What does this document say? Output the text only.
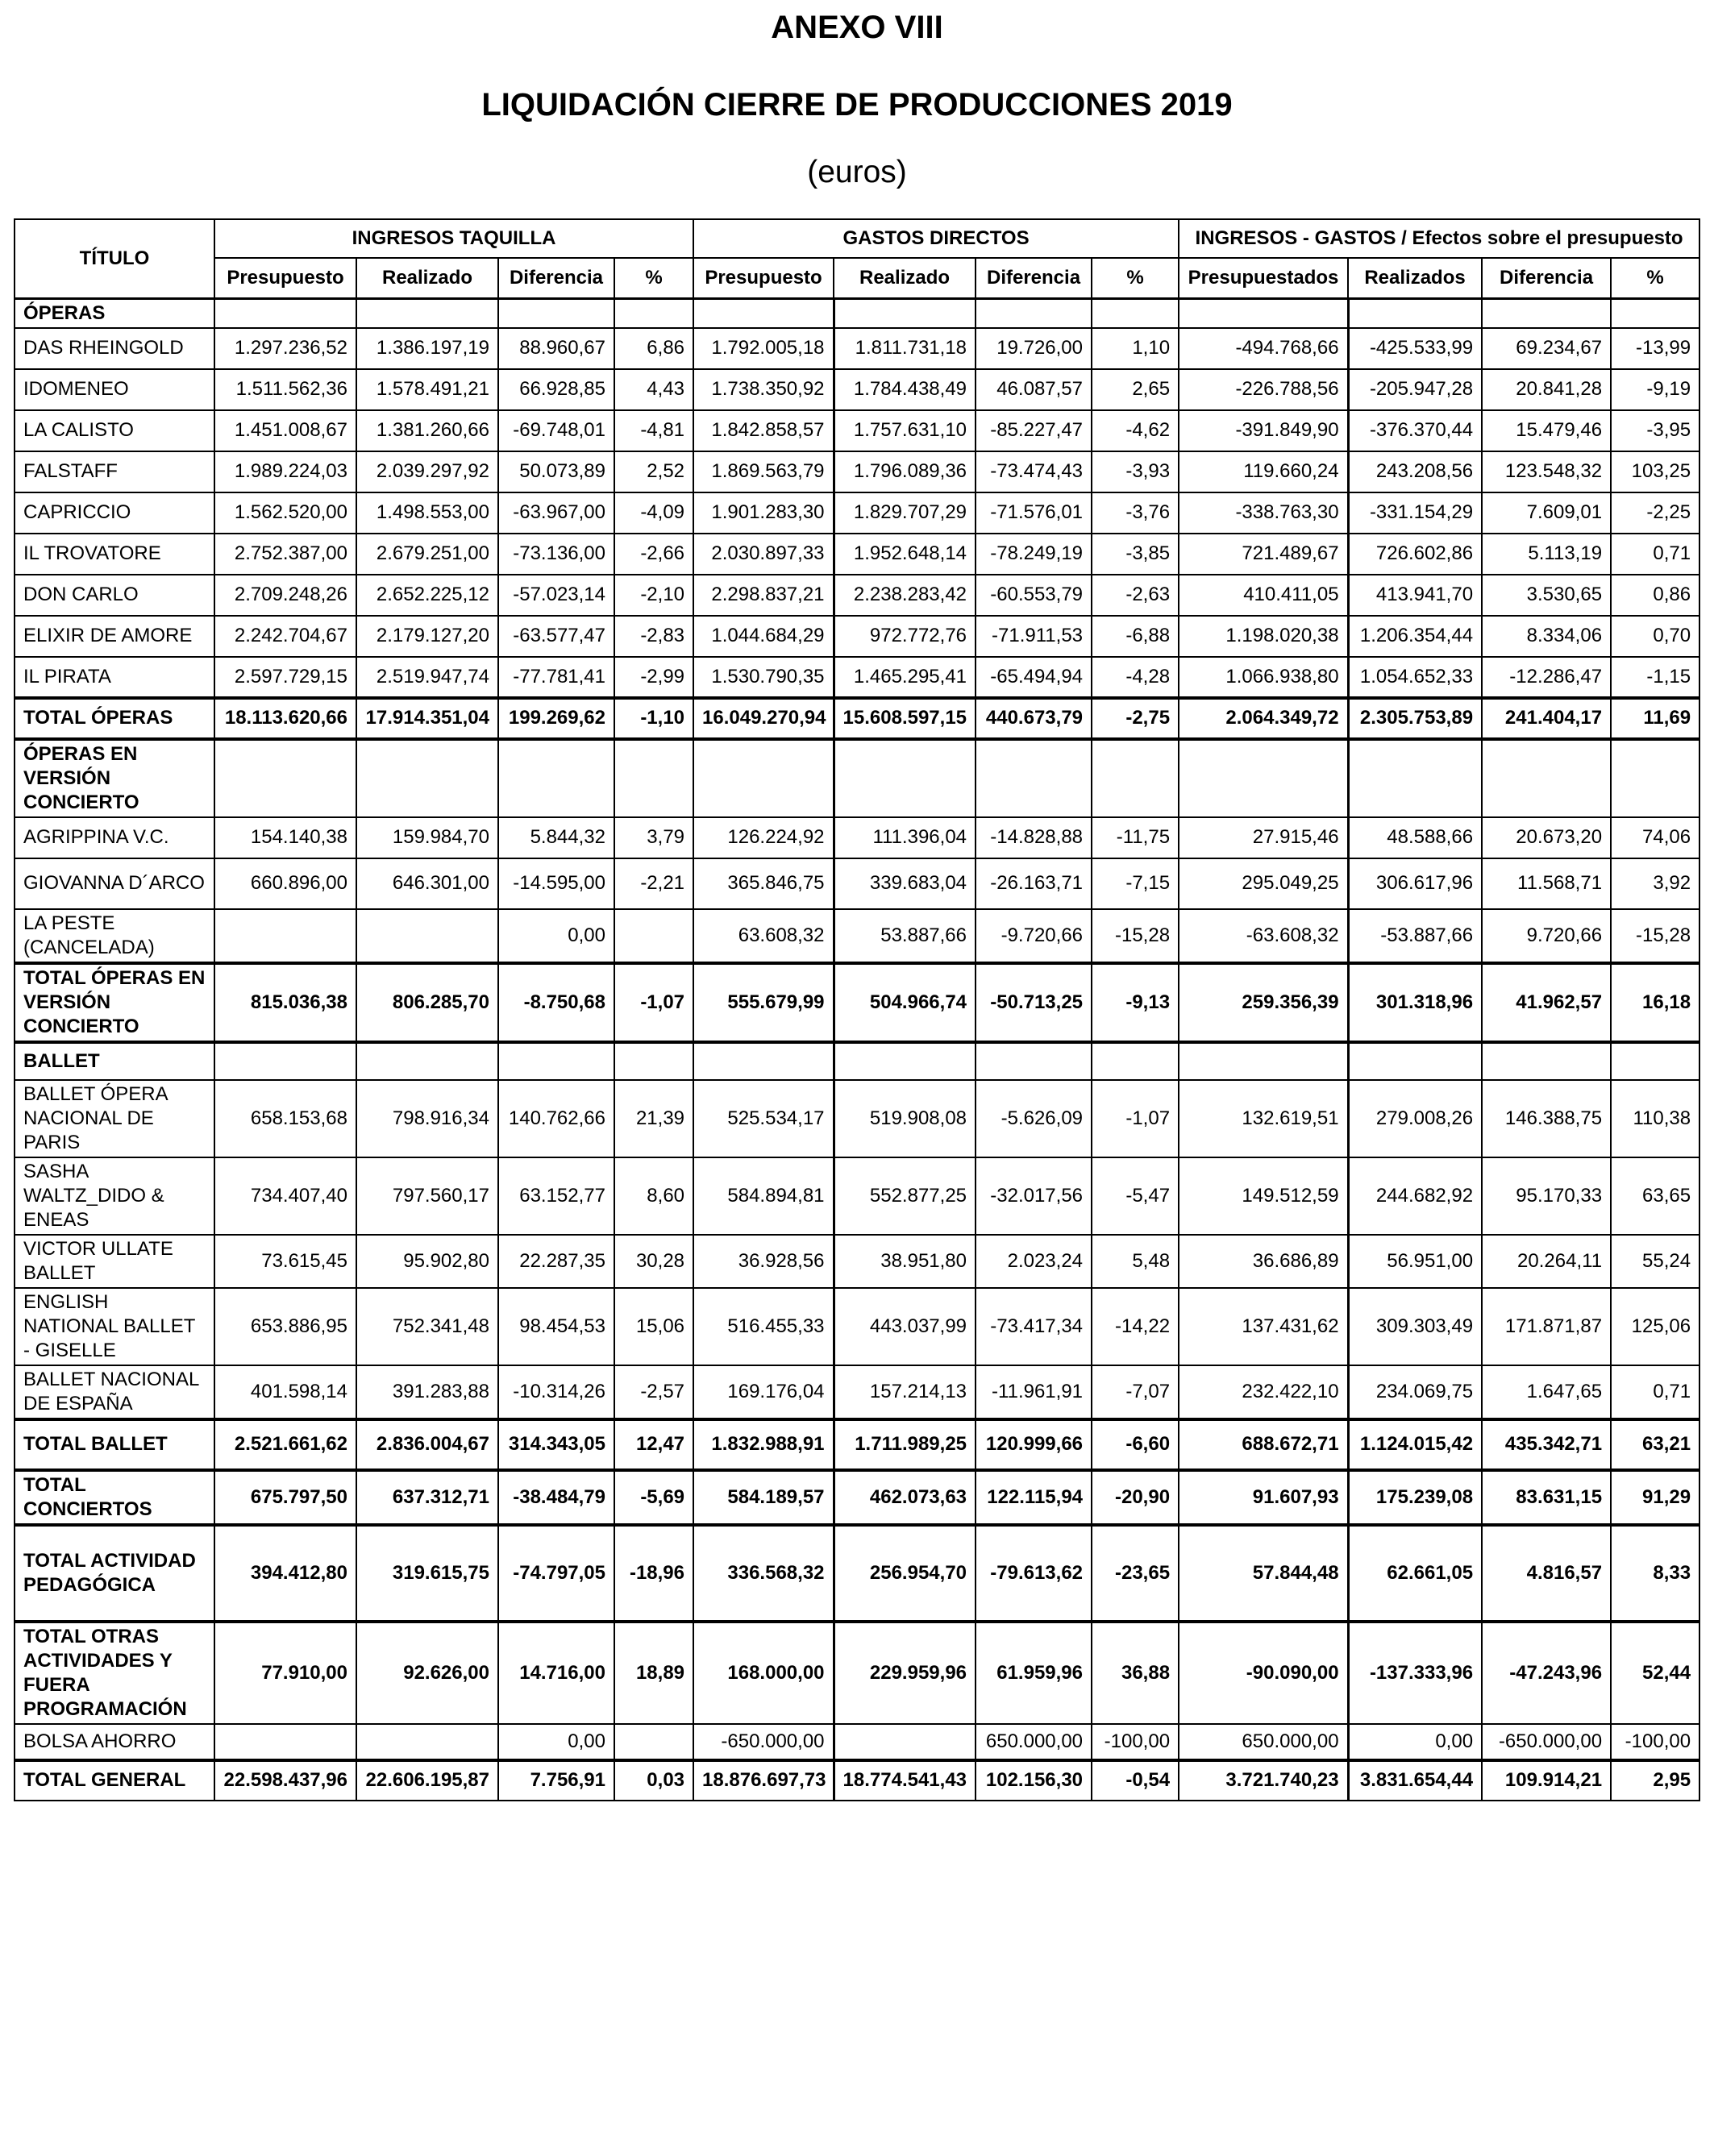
ANEXO VIII
LIQUIDACIÓN CIERRE DE PRODUCCIONES 2019
(euros)
TÍTULO	INGRESOS TAQUILLA				GASTOS DIRECTOS				INGRESOS - GASTOS / Efectos sobre el presupuesto			
	Presupuesto	Realizado	Diferencia	%	Presupuesto	Realizado	Diferencia	%	Presupuestados	Realizados	Diferencia	%
ÓPERAS												
DAS RHEINGOLD	1.297.236,52	1.386.197,19	88.960,67	6,86	1.792.005,18	1.811.731,18	19.726,00	1,10	-494.768,66	-425.533,99	69.234,67	-13,99
IDOMENEO	1.511.562,36	1.578.491,21	66.928,85	4,43	1.738.350,92	1.784.438,49	46.087,57	2,65	-226.788,56	-205.947,28	20.841,28	-9,19
LA CALISTO	1.451.008,67	1.381.260,66	-69.748,01	-4,81	1.842.858,57	1.757.631,10	-85.227,47	-4,62	-391.849,90	-376.370,44	15.479,46	-3,95
FALSTAFF	1.989.224,03	2.039.297,92	50.073,89	2,52	1.869.563,79	1.796.089,36	-73.474,43	-3,93	119.660,24	243.208,56	123.548,32	103,25
CAPRICCIO	1.562.520,00	1.498.553,00	-63.967,00	-4,09	1.901.283,30	1.829.707,29	-71.576,01	-3,76	-338.763,30	-331.154,29	7.609,01	-2,25
IL TROVATORE	2.752.387,00	2.679.251,00	-73.136,00	-2,66	2.030.897,33	1.952.648,14	-78.249,19	-3,85	721.489,67	726.602,86	5.113,19	0,71
DON CARLO	2.709.248,26	2.652.225,12	-57.023,14	-2,10	2.298.837,21	2.238.283,42	-60.553,79	-2,63	410.411,05	413.941,70	3.530,65	0,86
ELIXIR DE AMORE	2.242.704,67	2.179.127,20	-63.577,47	-2,83	1.044.684,29	972.772,76	-71.911,53	-6,88	1.198.020,38	1.206.354,44	8.334,06	0,70
IL PIRATA	2.597.729,15	2.519.947,74	-77.781,41	-2,99	1.530.790,35	1.465.295,41	-65.494,94	-4,28	1.066.938,80	1.054.652,33	-12.286,47	-1,15
TOTAL ÓPERAS	18.113.620,66	17.914.351,04	199.269,62	-1,10	16.049.270,94	15.608.597,15	440.673,79	-2,75	2.064.349,72	2.305.753,89	241.404,17	11,69
ÓPERAS EN VERSIÓN CONCIERTO												
AGRIPPINA V.C.	154.140,38	159.984,70	5.844,32	3,79	126.224,92	111.396,04	-14.828,88	-11,75	27.915,46	48.588,66	20.673,20	74,06
GIOVANNA D´ARCO	660.896,00	646.301,00	-14.595,00	-2,21	365.846,75	339.683,04	-26.163,71	-7,15	295.049,25	306.617,96	11.568,71	3,92
LA PESTE (CANCELADA)			0,00		63.608,32	53.887,66	-9.720,66	-15,28	-63.608,32	-53.887,66	9.720,66	-15,28
TOTAL ÓPERAS EN VERSIÓN CONCIERTO	815.036,38	806.285,70	-8.750,68	-1,07	555.679,99	504.966,74	-50.713,25	-9,13	259.356,39	301.318,96	41.962,57	16,18
BALLET												
BALLET ÓPERA NACIONAL DE PARIS	658.153,68	798.916,34	140.762,66	21,39	525.534,17	519.908,08	-5.626,09	-1,07	132.619,51	279.008,26	146.388,75	110,38
SASHA WALTZ_DIDO & ENEAS	734.407,40	797.560,17	63.152,77	8,60	584.894,81	552.877,25	-32.017,56	-5,47	149.512,59	244.682,92	95.170,33	63,65
VICTOR ULLATE BALLET	73.615,45	95.902,80	22.287,35	30,28	36.928,56	38.951,80	2.023,24	5,48	36.686,89	56.951,00	20.264,11	55,24
ENGLISH NATIONAL BALLET - GISELLE	653.886,95	752.341,48	98.454,53	15,06	516.455,33	443.037,99	-73.417,34	-14,22	137.431,62	309.303,49	171.871,87	125,06
BALLET NACIONAL DE ESPAÑA	401.598,14	391.283,88	-10.314,26	-2,57	169.176,04	157.214,13	-11.961,91	-7,07	232.422,10	234.069,75	1.647,65	0,71
TOTAL BALLET	2.521.661,62	2.836.004,67	314.343,05	12,47	1.832.988,91	1.711.989,25	120.999,66	-6,60	688.672,71	1.124.015,42	435.342,71	63,21
TOTAL CONCIERTOS	675.797,50	637.312,71	-38.484,79	-5,69	584.189,57	462.073,63	122.115,94	-20,90	91.607,93	175.239,08	83.631,15	91,29
TOTAL ACTIVIDAD PEDAGÓGICA	394.412,80	319.615,75	-74.797,05	-18,96	336.568,32	256.954,70	-79.613,62	-23,65	57.844,48	62.661,05	4.816,57	8,33
TOTAL OTRAS ACTIVIDADES Y FUERA PROGRAMACIÓN	77.910,00	92.626,00	14.716,00	18,89	168.000,00	229.959,96	61.959,96	36,88	-90.090,00	-137.333,96	-47.243,96	52,44
BOLSA AHORRO			0,00		-650.000,00		650.000,00	-100,00	650.000,00	0,00	-650.000,00	-100,00
TOTAL GENERAL	22.598.437,96	22.606.195,87	7.756,91	0,03	18.876.697,73	18.774.541,43	102.156,30	-0,54	3.721.740,23	3.831.654,44	109.914,21	2,95
